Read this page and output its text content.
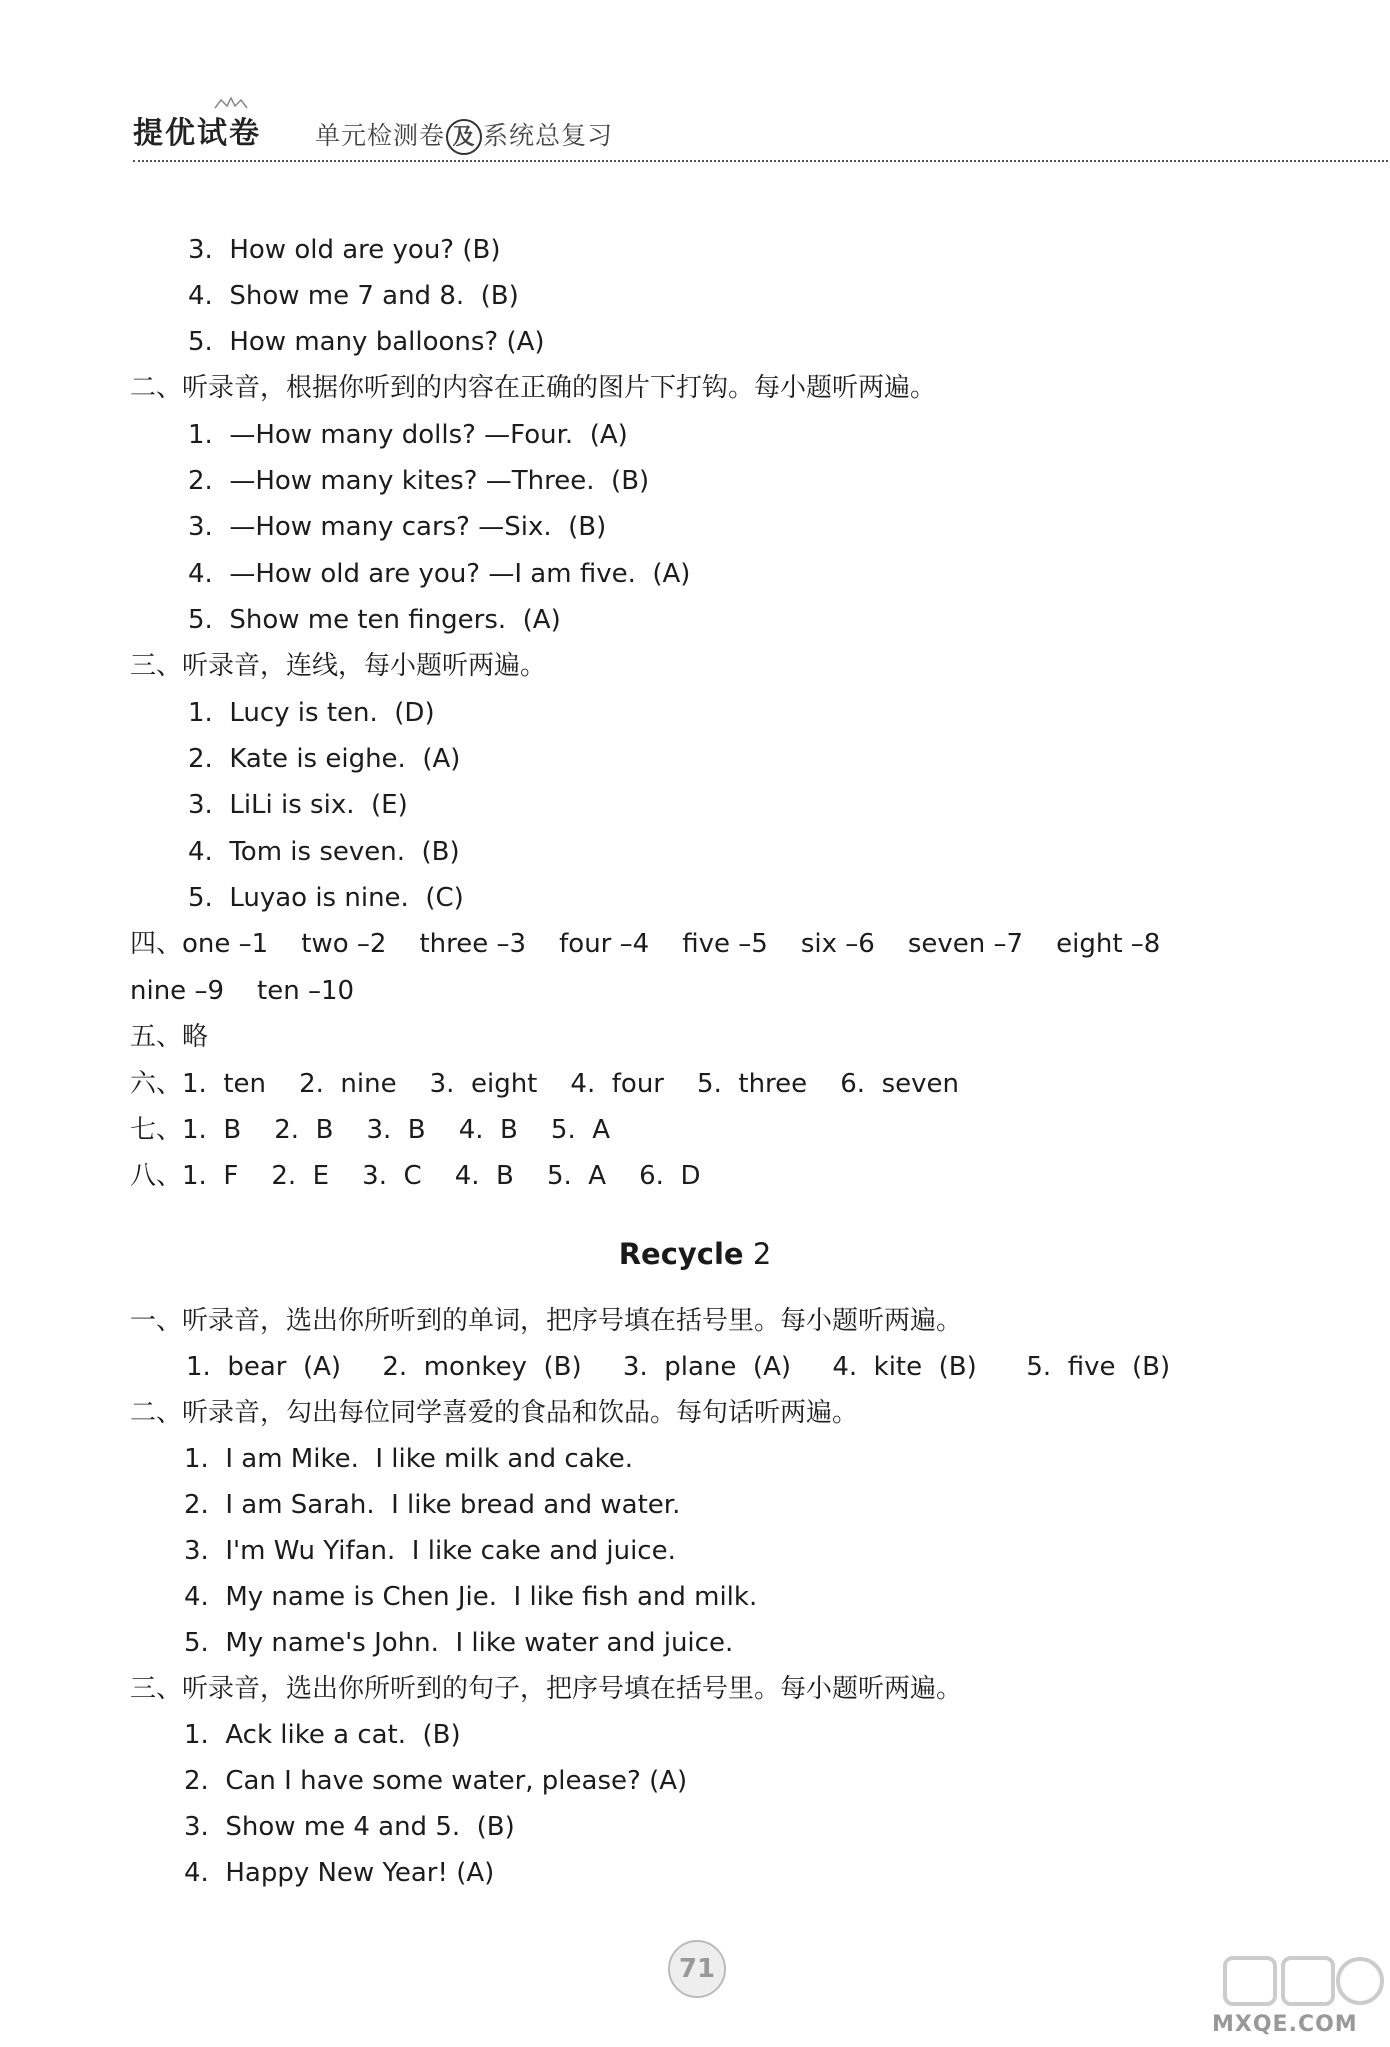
提优试卷 单元检测卷 及 系统总复习
3.  How old are you? (B)
4.  Show me 7 and 8.  (B)
5.  How many balloons? (A)
二、听录音，根据你听到的内容在正确的图片下打钩。每小题听两遍。
1.  —How many dolls? —Four.  (A)
2.  —How many kites? —Three.  (B)
3.  —How many cars? —Six.  (B)
4.  —How old are you? —I am five.  (A)
5.  Show me ten fingers.  (A)
三、听录音，连线，每小题听两遍。
1.  Lucy is ten.  (D)
2.  Kate is eighe.  (A)
3.  LiLi is six.  (E)
4.  Tom is seven.  (B)
5.  Luyao is nine.  (C)
四、one –1    two –2    three –3    four –4    five –5    six –6    seven –7    eight –8
nine –9    ten –10
五、略
六、1.  ten    2.  nine    3.  eight    4.  four    5.  three    6.  seven
七、1.  B    2.  B    3.  B    4.  B    5.  A
八、1.  F    2.  E    3.  C    4.  B    5.  A    6.  D
Recycle 2
一、听录音，选出你所听到的单词，把序号填在括号里。每小题听两遍。
1.  bear  (A)     2.  monkey  (B)     3.  plane  (A)     4.  kite  (B)      5.  five  (B)
二、听录音，勾出每位同学喜爱的食品和饮品。每句话听两遍。
1.  I am Mike.  I like milk and cake.
2.  I am Sarah.  I like bread and water.
3.  I'm Wu Yifan.  I like cake and juice.
4.  My name is Chen Jie.  I like fish and milk.
5.  My name's John.  I like water and juice.
三、听录音，选出你所听到的句子，把序号填在括号里。每小题听两遍。
1.  Ack like a cat.  (B)
2.  Can I have some water, please? (A)
3.  Show me 4 and 5.  (B)
4.  Happy New Year! (A)
71
MXQE.COM
